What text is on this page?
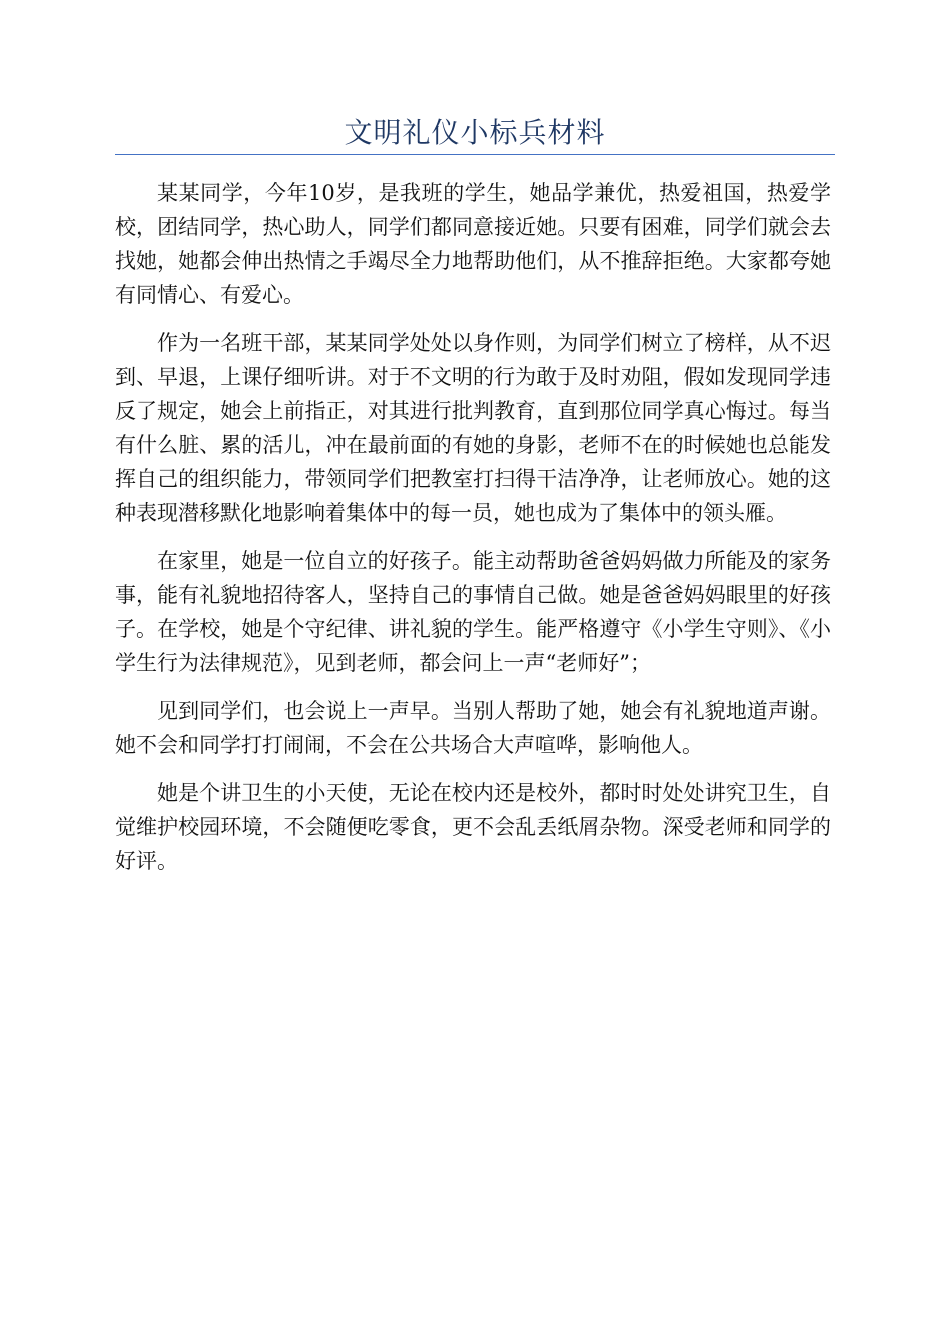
文明礼仪小标兵材料

某某同学，今年10岁，是我班的学生，她品学兼优，热爱祖国，热爱学校，团结同学，热心助人，同学们都同意接近她。只要有困难，同学们就会去找她，她都会伸出热情之手竭尽全力地帮助他们，从不推辞拒绝。大家都夸她有同情心、有爱心。

作为一名班干部，某某同学处处以身作则，为同学们树立了榜样，从不迟到、早退，上课仔细听讲。对于不文明的行为敢于及时劝阻，假如发现同学违反了规定，她会上前指正，对其进行批判教育，直到那位同学真心悔过。每当有什么脏、累的活儿，冲在最前面的有她的身影，老师不在的时候她也总能发挥自己的组织能力，带领同学们把教室打扫得干洁净净，让老师放心。她的这种表现潜移默化地影响着集体中的每一员，她也成为了集体中的领头雁。

在家里，她是一位自立的好孩子。能主动帮助爸爸妈妈做力所能及的家务事，能有礼貌地招待客人，坚持自己的事情自己做。她是爸爸妈妈眼里的好孩子。在学校，她是个守纪律、讲礼貌的学生。能严格遵守《小学生守则》、《小学生行为法律规范》，见到老师，都会问上一声“老师好”；

见到同学们，也会说上一声早。当别人帮助了她，她会有礼貌地道声谢。她不会和同学打打闹闹，不会在公共场合大声喧哗，影响他人。

她是个讲卫生的小天使，无论在校内还是校外，都时时处处讲究卫生，自觉维护校园环境，不会随便吃零食，更不会乱丢纸屑杂物。深受老师和同学的好评。
